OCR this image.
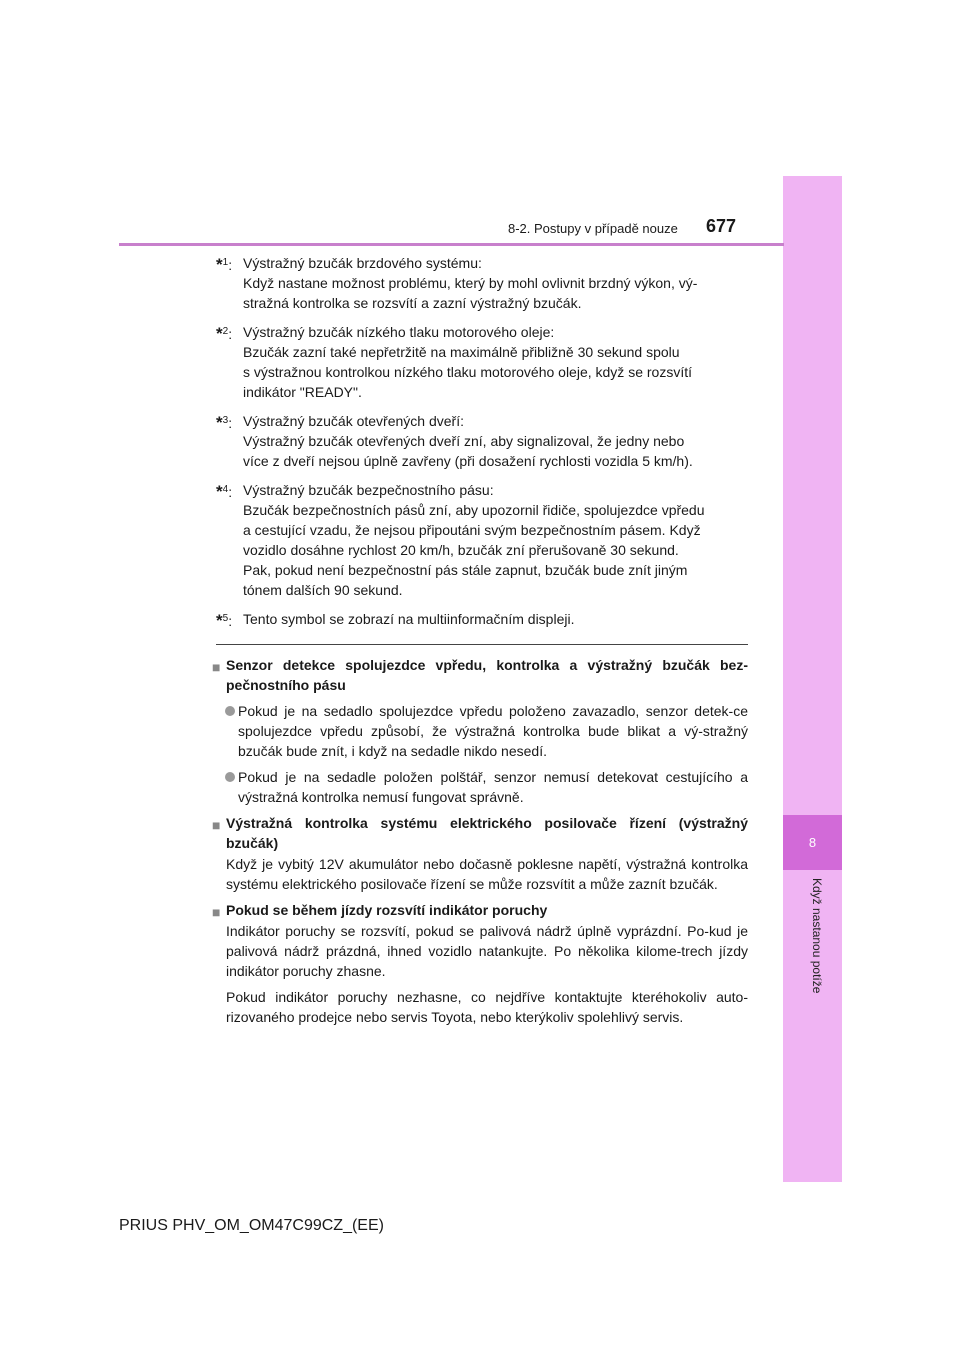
8
Když nastanou potíže
8-2. Postupy v případě nouze 677
*$^1$: Výstražný bzučák brzdového systému:

Když nastane možnost problému, který by mohl ovlivnit brzdný výkon, vý-

stražná kontrolka se rozsvítí a zazní výstražný bzučák.

*$^2$: Výstražný bzučák nízkého tlaku motorového oleje:

Bzučák zazní také nepřetržitě na maximálně přibližně 30 sekund spolu

s výstražnou kontrolkou nízkého tlaku motorového oleje, když se rozsvítí

indikátor "READY".

*$^3$: Výstražný bzučák otevřených dveří:

Výstražný bzučák otevřených dveří zní, aby signalizoval, že jedny nebo

více z dveří nejsou úplně zavřeny (při dosažení rychlosti vozidla 5 km/h).

*$^4$: Výstražný bzučák bezpečnostního pásu:

Bzučák bezpečnostních pásů zní, aby upozornil řidiče, spolujezdce vpředu

a cestující vzadu, že nejsou připoutáni svým bezpečnostním pásem. Když

vozidlo dosáhne rychlost 20 km/h, bzučák zní přerušovaně 30 sekund.

Pak, pokud není bezpečnostní pás stále zapnut, bzučák bude znít jiným

tónem dalších 90 sekund.

*$^5$: Tento symbol se zobrazí na multiinformačním displeji.

■ Senzor detekce spolujezdce vpředu, kontrolka a výstražný bzučák bez-pečnostního pásu

Pokud je na sedadlo spolujezdce vpředu položeno zavazadlo, senzor detek-ce spolujezdce vpředu způsobí, že výstražná kontrolka bude blikat a vý-stražný bzučák bude znít, i když na sedadle nikdo nesedí.

Pokud je na sedadle položen polštář, senzor nemusí detekovat cestujícího a výstražná kontrolka nemusí fungovat správně.

■ Výstražná kontrolka systému elektrického posilovače řízení (výstražný bzučák)

Když je vybitý 12V akumulátor nebo dočasně poklesne napětí, výstražná kontrolka systému elektrického posilovače řízení se může rozsvítit a může zaznít bzučák.

■ Pokud se během jízdy rozsvítí indikátor poruchy

Indikátor poruchy se rozsvítí, pokud se palivová nádrž úplně vyprázdní. Po-kud je palivová nádrž prázdná, ihned vozidlo natankujte. Po několika kilome-trech jízdy indikátor poruchy zhasne.

Pokud indikátor poruchy nezhasne, co nejdříve kontaktujte kteréhokoliv auto-rizovaného prodejce nebo servis Toyota, nebo kterýkoliv spolehlivý servis.

PRIUS PHV_OM_OM47C99CZ_(EE)
